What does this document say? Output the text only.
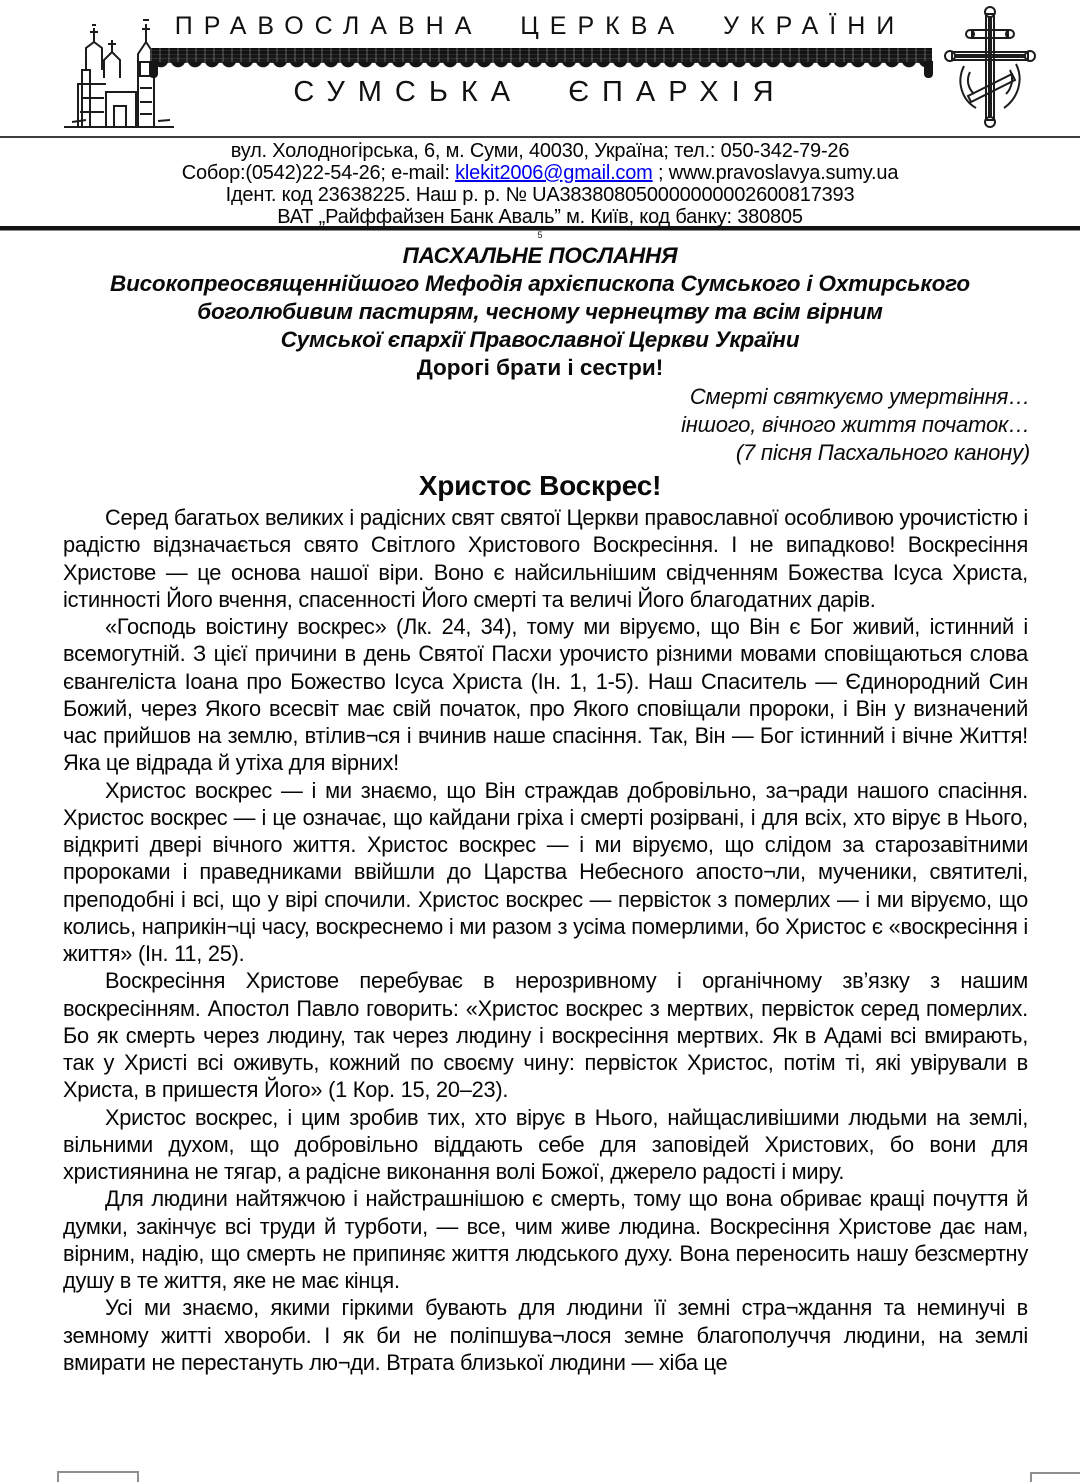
ПРАВОСЛАВНА ЦЕРКВА УКРАЇНИ
СУМСЬКА ЄПАРХІЯ
вул. Холодногірська, 6, м. Суми, 40030, Україна; тел.: 050-342-79-26
Собор:(0542)22-54-26; e-mail: klekit2006@gmail.com ; www.pravoslavya.sumy.ua
Ідент. код 23638225. Наш р. р. № UA383808050000000002600817393
ВАТ „Райффайзен Банк Аваль” м. Київ, код банку: 380805
5
ПАСХАЛЬНЕ ПОСЛАННЯ
Високопреосвященнійшого Мефодія архієпископа Сумського і Охтирського
боголюбивим пастирям, чесному чернецтву та всім вірним
Сумської єпархії Православної Церкви України
Дорогі брати і сестри!
Смерті святкуємо умертвіння…
іншого, вічного життя початок…
(7 пісня Пасхального канону)
Христос Воскрес!

Серед багатьох великих і радісних свят святої Церкви православної особливою урочистістю і радістю відзначається свято Світлого Христового Воскресіння. І не випадково! Воскресіння Христове — це основа нашої віри. Воно є найсильнішим свідченням Божества Ісуса Христа, істинності Його вчення, спасенності Його смерті та величі Його благодатних дарів.

«Господь воістину воскрес» (Лк. 24, 34), тому ми віруємо, що Він є Бог живий, істинний і всемогутній. З цієї причини в день Святої Пасхи урочисто різними мовами сповіщаються слова євангеліста Іоана про Божество Ісуса Христа (Ін. 1, 1-5). Наш Спаситель — Єдинородний Син Божий, через Якого всесвіт має свій початок, про Якого сповіщали пророки, і Він у визначений час прийшов на землю, втілив¬ся і вчинив наше спасіння. Так, Він — Бог істинний і вічне Життя! Яка це відрада й утіха для вірних!

Христос воскрес — і ми знаємо, що Він страждав добровільно, за¬ради нашого спасіння. Христос воскрес — і це означає, що кайдани гріха і смерті розірвані, і для всіх, хто вірує в Нього, відкриті двері вічного життя. Христос воскрес — і ми віруємо, що слідом за старозавітними пророками і праведниками ввійшли до Царства Небесного апосто¬ли, мученики, святителі, преподобні і всі, що у вірі спочили. Христос воскрес — первісток з померлих — і ми віруємо, що колись, наприкін¬ці часу, воскреснемо і ми разом з усіма померлими, бо Христос є «воскресіння і життя» (Ін. 11, 25).

Воскресіння Христове перебуває в нерозривному і органічному зв’язку з нашим воскресінням. Апостол Павло говорить: «Христос воскрес з мертвих, первісток серед померлих. Бо як смерть через людину, так через людину і воскресіння мертвих. Як в Адамі всі вмирають, так у Христі всі оживуть, кожний по своєму чину: первісток Христос, потім ті, які увірували в Христа, в пришестя Його» (1 Кор. 15, 20–23).

Христос воскрес, і цим зробив тих, хто вірує в Нього, найщасливішими людьми на землі, вільними духом, що добровільно віддають себе для заповідей Христових, бо вони для християнина не тягар, а радісне виконання волі Божої, джерело радості і миру.

Для людини найтяжчою і найстрашнішою є смерть, тому що вона обриває кращі почуття й думки, закінчує всі труди й турботи, — все, чим живе людина. Воскресіння Христове дає нам, вірним, надію, що смерть не припиняє життя людського духу. Вона переносить нашу безсмертну душу в те життя, яке не має кінця.

Усі ми знаємо, якими гіркими бувають для людини її земні стра¬ждання та неминучі в земному житті хвороби. І як би не поліпшува¬лося земне благополуччя людини, на землі вмирати не перестануть лю¬ди. Втрата близької людини — хіба це
